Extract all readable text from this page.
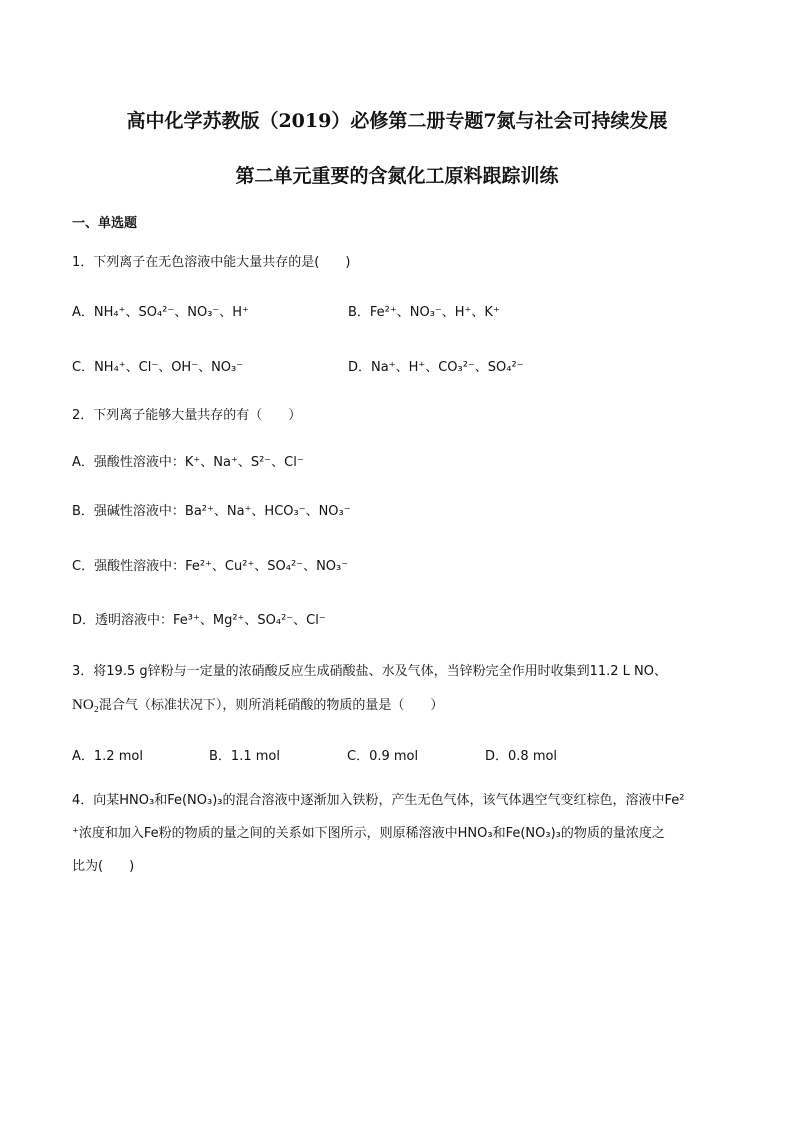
高中化学苏教版（2019）必修第二册专题7氮与社会可持续发展
第二单元重要的含氮化工原料跟踪训练
一、单选题
1．下列离子在无色溶液中能大量共存的是(　　)
A．NH₄⁺、SO₄²⁻、NO₃⁻、H⁺	B．Fe²⁺、NO₃⁻、H⁺、K⁺
C．NH₄⁺、Cl⁻、OH⁻、NO₃⁻	D．Na⁺、H⁺、CO₃²⁻、SO₄²⁻
2．下列离子能够大量共存的有（　　）
A．强酸性溶液中：K⁺、Na⁺、S²⁻、Cl⁻
B．强碱性溶液中：Ba²⁺、Na⁺、HCO₃⁻、NO₃⁻
C．强酸性溶液中：Fe²⁺、Cu²⁺、SO₄²⁻、NO₃⁻
D．透明溶液中：Fe³⁺、Mg²⁺、SO₄²⁻、Cl⁻
3．将19.5 g锌粉与一定量的浓硝酸反应生成硝酸盐、水及气体，当锌粉完全作用时收集到11.2 L NO、
NO₂混合气（标准状况下），则所消耗硝酸的物质的量是（　　）
A．1.2 mol	B．1.1 mol	C．0.9 mol	D．0.8 mol
4．向某HNO₃和Fe(NO₃)₃的混合溶液中逐渐加入铁粉，产生无色气体，该气体遇空气变红棕色，溶液中Fe²
⁺浓度和加入Fe粉的物质的量之间的关系如下图所示，则原稀溶液中HNO₃和Fe(NO₃)₃的物质的量浓度之
比为(　　)
